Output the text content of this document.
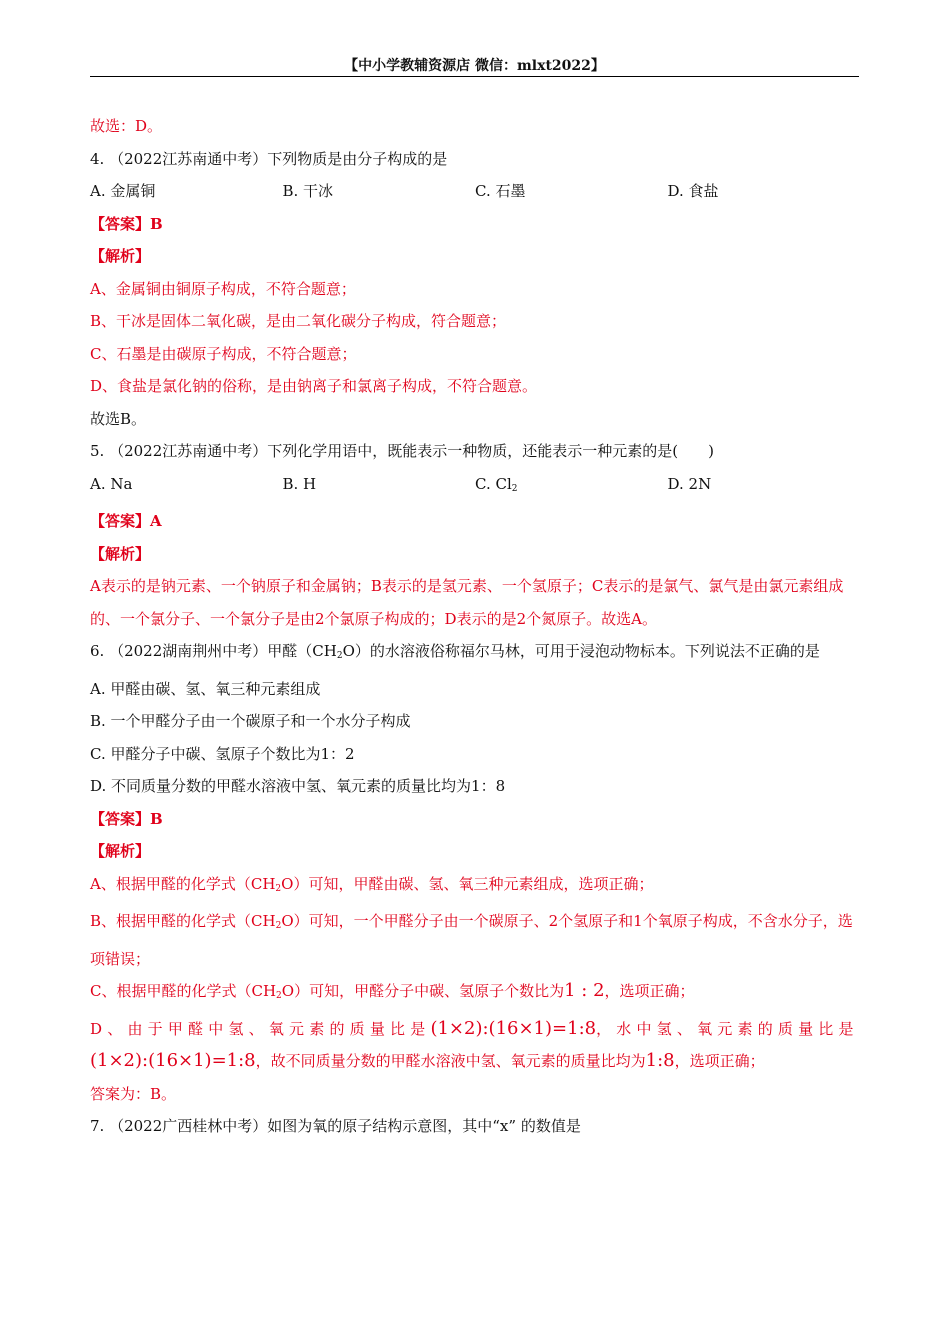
【中小学教辅资源店 微信：mlxt2022】
故选：D。
4. （2022江苏南通中考）下列物质是由分子构成的是
A. 金属铜	B. 干冰	C. 石墨	D. 食盐
【答案】B
【解析】
A、金属铜由铜原子构成，不符合题意；
B、干冰是固体二氧化碳，是由二氧化碳分子构成，符合题意；
C、石墨是由碳原子构成，不符合题意；
D、食盐是氯化钠的俗称，是由钠离子和氯离子构成，不符合题意。
故选B。
5. （2022江苏南通中考）下列化学用语中，既能表示一种物质，还能表示一种元素的是(　　)
A. Na	B. H	C. $Cl_2$	D. 2N
【答案】A
【解析】
A表示的是钠元素、一个钠原子和金属钠；B表示的是氢元素、一个氢原子；C表示的是氯气、氯气是由氯元素组成的、一个氯分子、一个氯分子是由2个氯原子构成的；D表示的是2个氮原子。故选A。
6. （2022湖南荆州中考）甲醛$(CH_2O)$的水溶液俗称福尔马林，可用于浸泡动物标本。下列说法不正确的是
A. 甲醛由碳、氢、氧三种元素组成
B. 一个甲醛分子由一个碳原子和一个水分子构成
C. 甲醛分子中碳、氢原子个数比为1：2
D. 不同质量分数的甲醛水溶液中氢、氧元素的质量比均为1：8
【答案】B
【解析】
A、根据甲醛的化学式$(CH_2O)$可知，甲醛由碳、氢、氧三种元素组成，选项正确；
B、根据甲醛的化学式$(CH_2O)$可知，一个甲醛分子由一个碳原子、2个氢原子和1个氧原子构成，不含水分子，选项错误；
C、根据甲醛的化学式$(CH_2O)$可知，甲醛分子中碳、氢原子个数比为1 : 2，选项正确；
D、由于甲醛中氢、氧元素的质量比是(1×2):(16×1)=1:8，水中氢、氧元素的质量比是
(1×2):(16×1)=1:8，故不同质量分数的甲醛水溶液中氢、氧元素的质量比均为1:8，选项正确；
答案为：B。
7. （2022广西桂林中考）如图为氧的原子结构示意图，其中“x” 的数值是
